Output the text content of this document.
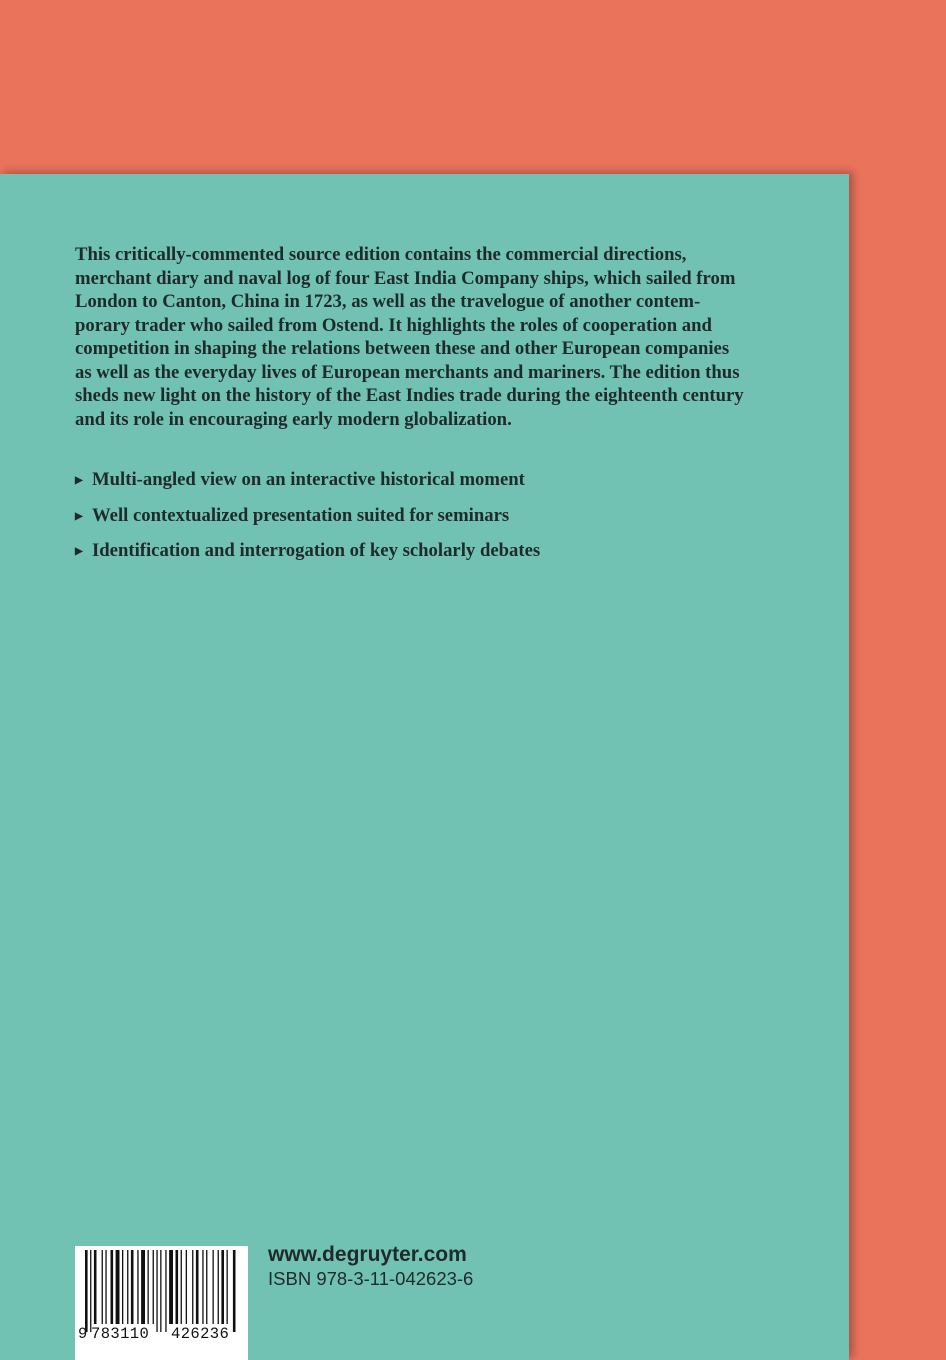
This critically-commented source edition contains the commercial directions,
merchant diary and naval log of four East India Company ships, which sailed from
London to Canton, China in 1723, as well as the travelogue of another contem-
porary trader who sailed from Ostend. It highlights the roles of cooperation and
competition in shaping the relations between these and other European companies
as well as the everyday lives of European merchants and mariners. The edition thus
sheds new light on the history of the East Indies trade during the eighteenth century
and its role in encouraging early modern globalization.

▶ Multi-angled view on an interactive historical moment
▶ Well contextualized presentation suited for seminars
▶ Identification and interrogation of key scholarly debates
9 783110 426236
www.degruyter.com
ISBN 978-3-11-042623-6
